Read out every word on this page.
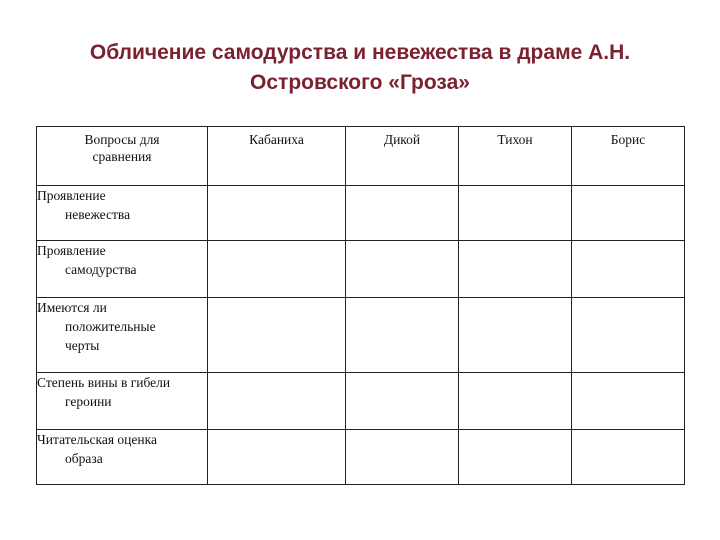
Обличение самодурства и невежества в драме А.Н.
Островского «Гроза»
Вопросы для
сравнения	Кабаниха	Дикой	Тихон	Борис

Проявление
невежества				

Проявление
самодурства				

Имеются ли
положительные
черты				

Степень вины в гибели
героини				

Читательская оценка
образа				
